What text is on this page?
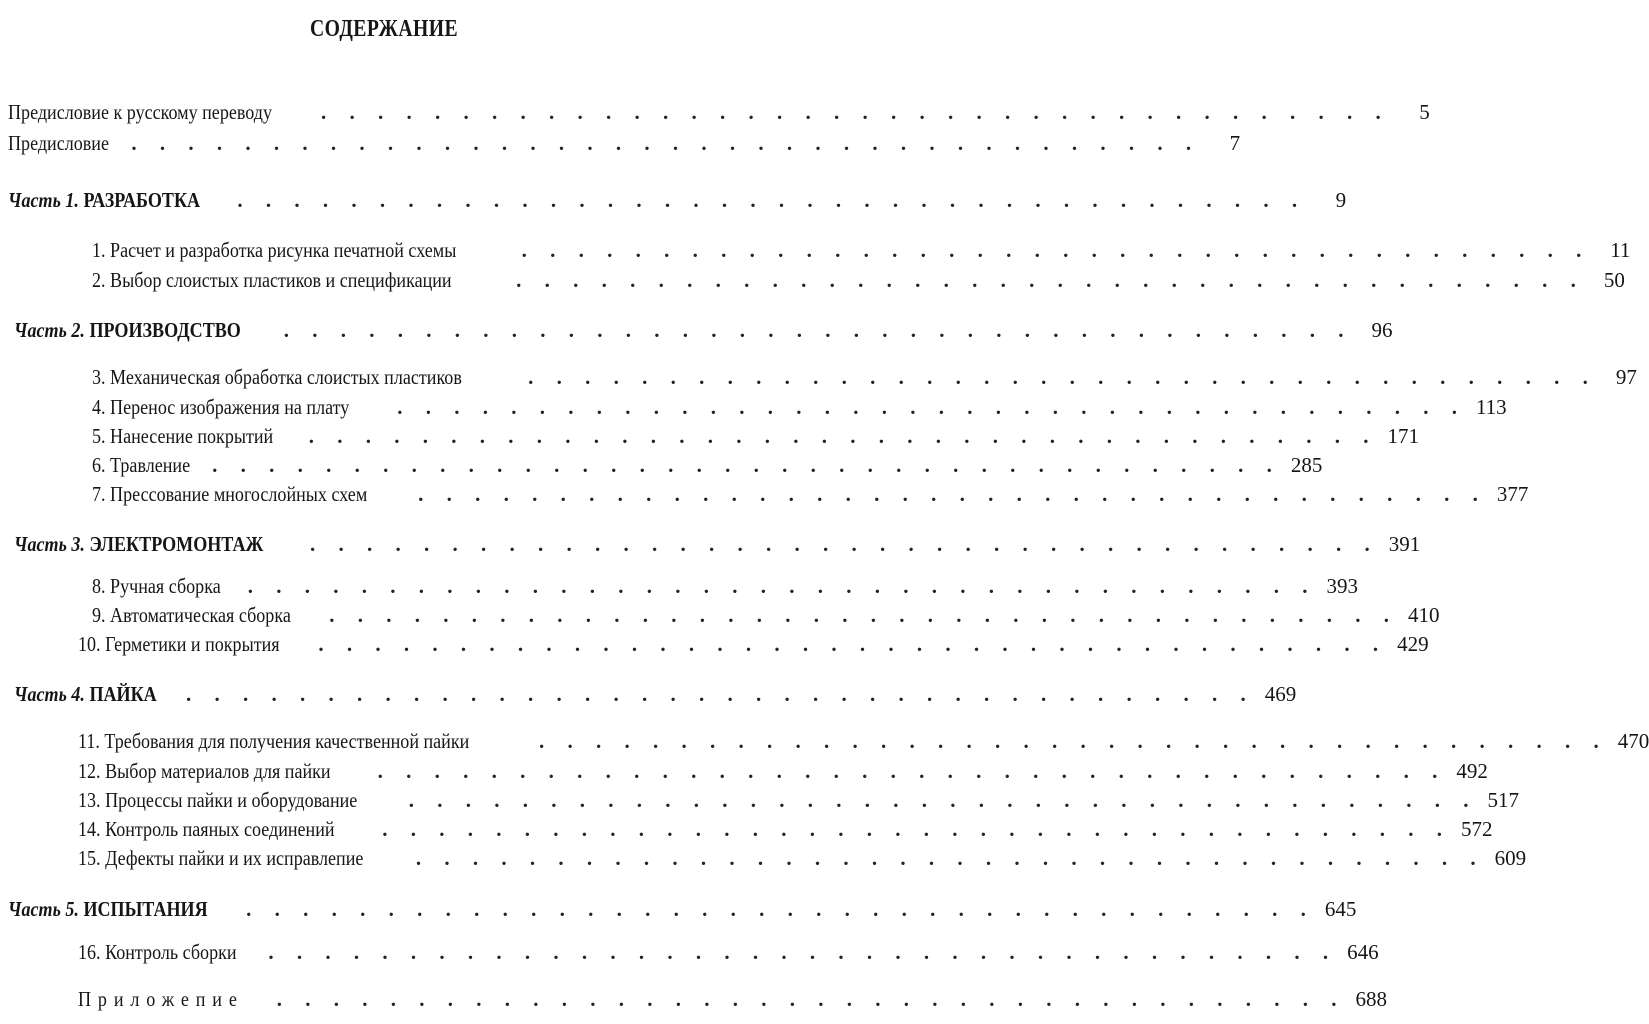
СОДЕРЖАНИЕ
Предисловие к русскому переводу . . . . . . . . . . . . . . . . . . . . . . . . . . . . . . . . . . . . . .	5
Предисловие . . . . . . . . . . . . . . . . . . . . . . . . . . . . . . . . . . . . . .	7
Часть 1. РАЗРАБОТКА . . . . . . . . . . . . . . . . . . . . . . . . . . . . . . . . . . . . . .	9
1. Расчет и разработка рисунка печатной схемы	. . . . . . . . . . . . . . . . . . . . . . . . . . . . . . . . . . . . . . 11
2. Выбор слоистых пластиков и спецификации	. . . . . . . . . . . . . . . . . . . . . . . . . . . . . . . . . . . . . . 50
Часть 2. ПРОИЗВОДСТВО . . . . . . . . . . . . . . . . . . . . . . . . . . . . . . . . . . . . . . 96
3. Механическая обработка слоистых пластиков	. . . . . . . . . . . . . . . . . . . . . . . . . . . . . . . . . . . . . . 97
4. Перенос изображения на плату . . . . . . . . . . . . . . . . . . . . . . . . . . . . . . . . . . . . . . 113
5. Нанесение покрытий . . . . . . . . . . . . . . . . . . . . . . . . . . . . . . . . . . . . . . 171
6. Травление . . . . . . . . . . . . . . . . . . . . . . . . . . . . . . . . . . . . . . 285
7. Прессование многослойных схем . . . . . . . . . . . . . . . . . . . . . . . . . . . . . . . . . . . . . . 377
Часть 3. ЭЛЕКТРОМОНТАЖ . . . . . . . . . . . . . . . . . . . . . . . . . . . . . . . . . . . . . . 391
8. Ручная сборка . . . . . . . . . . . . . . . . . . . . . . . . . . . . . . . . . . . . . . 393
9. Автоматическая сборка . . . . . . . . . . . . . . . . . . . . . . . . . . . . . . . . . . . . . . 410
10. Герметики и покрытия . . . . . . . . . . . . . . . . . . . . . . . . . . . . . . . . . . . . . . 429
Часть 4. ПАЙКА . . . . . . . . . . . . . . . . . . . . . . . . . . . . . . . . . . . . . . 469
11. Требования для получения качественной пайки	. . . . . . . . . . . . . . . . . . . . . . . . . . . . . . . . . . . . . . 470
12. Выбор материалов для пайки . . . . . . . . . . . . . . . . . . . . . . . . . . . . . . . . . . . . . . 492
13. Процессы пайки и оборудование . . . . . . . . . . . . . . . . . . . . . . . . . . . . . . . . . . . . . . 517
14. Контроль паяных соединений . . . . . . . . . . . . . . . . . . . . . . . . . . . . . . . . . . . . . . 572
15. Дефекты пайки и их исправлепие . . . . . . . . . . . . . . . . . . . . . . . . . . . . . . . . . . . . . . 609
Часть 5. ИСПЫТАНИЯ . . . . . . . . . . . . . . . . . . . . . . . . . . . . . . . . . . . . . . 645
16. Контроль сборки . . . . . . . . . . . . . . . . . . . . . . . . . . . . . . . . . . . . . . 646
Приложепие . . . . . . . . . . . . . . . . . . . . . . . . . . . . . . . . . . . . . . 688
